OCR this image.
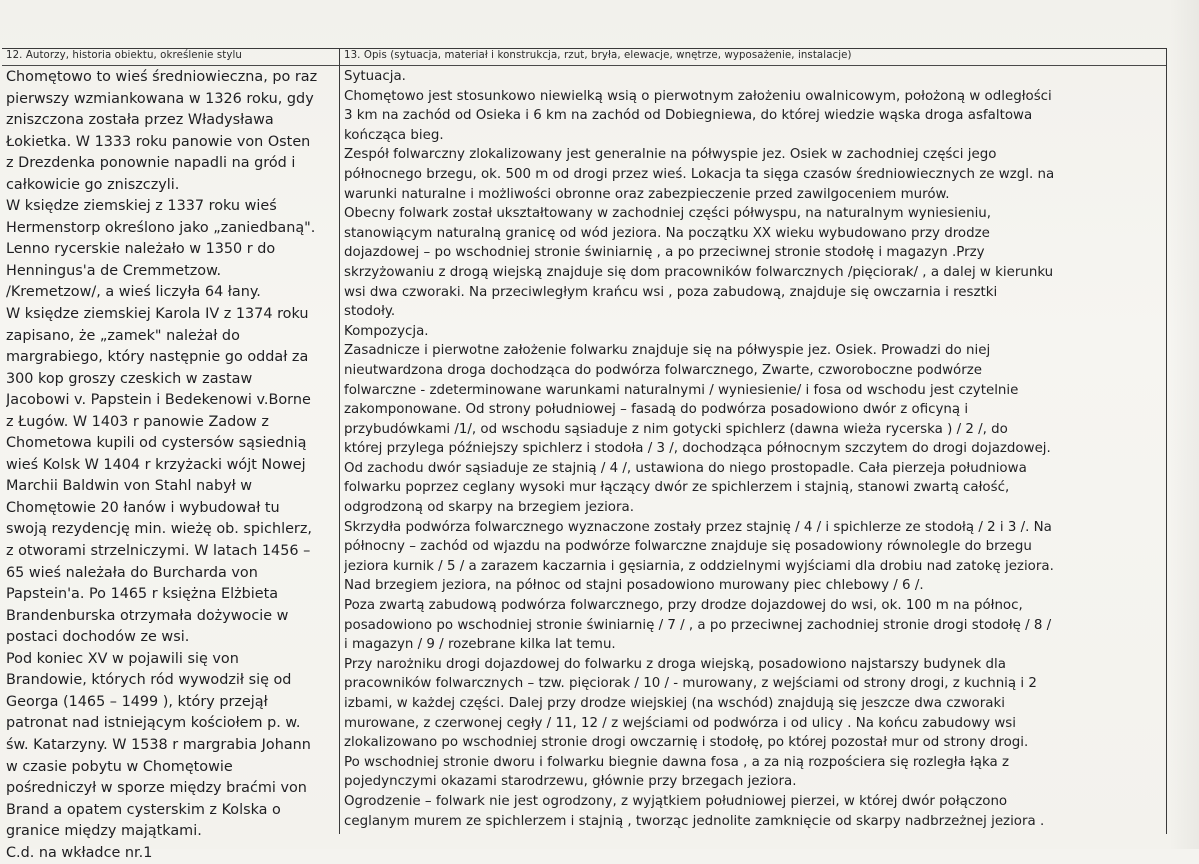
12. Autorzy, historia obiektu, określenie stylu	13. Opis (sytuacja, materiał i konstrukcja, rzut, bryła, elewacje, wnętrze, wyposażenie, instalacje)
Chomętowo to wieś średniowieczna, po raz
pierwszy wzmiankowana w 1326 roku, gdy
zniszczona została przez Władysława
Łokietka. W 1333 roku panowie von Osten
z Drezdenka ponownie napadli na gród i
całkowicie go zniszczyli.
W księdze ziemskiej z 1337 roku wieś
Hermenstorp określono jako „zaniedbaną".
Lenno rycerskie należało w 1350 r do
Henningus'a de Cremmetzow.
/Kremetzow/, a wieś liczyła 64 łany.
W księdze ziemskiej Karola IV z 1374 roku
zapisano, że „zamek" należał do
margrabiego, który następnie go oddał za
300 kop groszy czeskich w zastaw
Jacobowi v. Papstein i Bedekenowi v.Borne
z Ługów. W 1403 r panowie Zadow z
Chometowa kupili od cystersów sąsiednią
wieś Kolsk W 1404 r krzyżacki wójt Nowej
Marchii Baldwin von Stahl nabył w
Chomętowie 20 łanów i wybudował tu
swoją rezydencję min. wieżę ob. spichlerz,
z otworami strzelniczymi. W latach 1456 –
65 wieś należała do Burcharda von
Papstein'a. Po 1465 r księżna Elżbieta
Brandenburska otrzymała dożywocie w
postaci dochodów ze wsi.
Pod koniec XV w pojawili się von
Brandowie, których ród wywodził się od
Georga (1465 – 1499 ), który przejął
patronat nad istniejącym kościołem p. w.
św. Katarzyny. W 1538 r margrabia Johann
w czasie pobytu w Chomętowie
pośredniczył w sporze między braćmi von
Brand a opatem cysterskim z Kolska o
granice między majątkami.
C.d. na wkładce nr.1
Sytuacja.
Chomętowo jest stosunkowo niewielką wsią o pierwotnym założeniu owalnicowym, położoną w odległości
3 km na zachód od Osieka i 6 km na zachód od Dobiegniewa, do której wiedzie wąska droga asfaltowa
kończąca bieg.
Zespół folwarczny zlokalizowany jest generalnie na półwyspie jez. Osiek w zachodniej części jego
północnego brzegu, ok. 500 m od drogi przez wieś. Lokacja ta sięga czasów średniowiecznych ze wzgl. na
warunki naturalne i możliwości obronne oraz zabezpieczenie przed zawilgoceniem murów.
Obecny folwark został ukształtowany w zachodniej części półwyspu, na naturalnym wyniesieniu,
stanowiącym naturalną granicę od wód jeziora. Na początku XX wieku wybudowano przy drodze
dojazdowej – po wschodniej stronie świniarnię , a po przeciwnej stronie stodołę i magazyn .Przy
skrzyżowaniu z drogą wiejską znajduje się dom pracowników folwarcznych /pięciorak/ , a dalej w kierunku
wsi dwa czworaki. Na przeciwległym krańcu wsi , poza zabudową, znajduje się owczarnia i resztki
stodoły.
Kompozycja.
Zasadnicze i pierwotne założenie folwarku znajduje się na półwyspie jez. Osiek. Prowadzi do niej
nieutwardzona droga dochodząca do podwórza folwarcznego, Zwarte, czworoboczne podwórze
folwarczne - zdeterminowane warunkami naturalnymi / wyniesienie/ i fosa od wschodu jest czytelnie
zakomponowane. Od strony południowej – fasadą do podwórza posadowiono dwór z oficyną i
przybudówkami /1/, od wschodu sąsiaduje z nim gotycki spichlerz (dawna wieża rycerska ) / 2 /, do
której przylega późniejszy spichlerz i stodoła / 3 /, dochodząca północnym szczytem do drogi dojazdowej.
Od zachodu dwór sąsiaduje ze stajnią / 4 /, ustawiona do niego prostopadle. Cała pierzeja południowa
folwarku poprzez ceglany wysoki mur łączący dwór ze spichlerzem i stajnią, stanowi zwartą całość,
odgrodzoną od skarpy na brzegiem jeziora.
Skrzydła podwórza folwarcznego wyznaczone zostały przez stajnię / 4 / i spichlerze ze stodołą / 2 i 3 /. Na
północny – zachód od wjazdu na podwórze folwarczne znajduje się posadowiony równolegle do brzegu
jeziora kurnik / 5 / a zarazem kaczarnia i gęsiarnia, z oddzielnymi wyjściami dla drobiu nad zatokę jeziora.
Nad brzegiem jeziora, na północ od stajni posadowiono murowany piec chlebowy / 6 /.
Poza zwartą zabudową podwórza folwarcznego, przy drodze dojazdowej do wsi, ok. 100 m na północ,
posadowiono po wschodniej stronie świniarnię / 7 / , a po przeciwnej zachodniej stronie drogi stodołę / 8 /
i magazyn / 9 / rozebrane kilka lat temu.
Przy narożniku drogi dojazdowej do folwarku z droga wiejską, posadowiono najstarszy budynek dla
pracowników folwarcznych – tzw. pięciorak / 10 / - murowany, z wejściami od strony drogi, z kuchnią i 2
izbami, w każdej części. Dalej przy drodze wiejskiej (na wschód) znajdują się jeszcze dwa czworaki
murowane, z czerwonej cegły / 11, 12 / z wejściami od podwórza i od ulicy . Na końcu zabudowy wsi
zlokalizowano po wschodniej stronie drogi owczarnię i stodołę, po której pozostał mur od strony drogi.
Po wschodniej stronie dworu i folwarku biegnie dawna fosa , a za nią rozpościera się rozległa łąka z
pojedynczymi okazami starodrzewu, głównie przy brzegach jeziora.
Ogrodzenie – folwark nie jest ogrodzony, z wyjątkiem południowej pierzei, w której dwór połączono
ceglanym murem ze spichlerzem i stajnią , tworząc jednolite zamknięcie od skarpy nadbrzeżnej jeziora .
